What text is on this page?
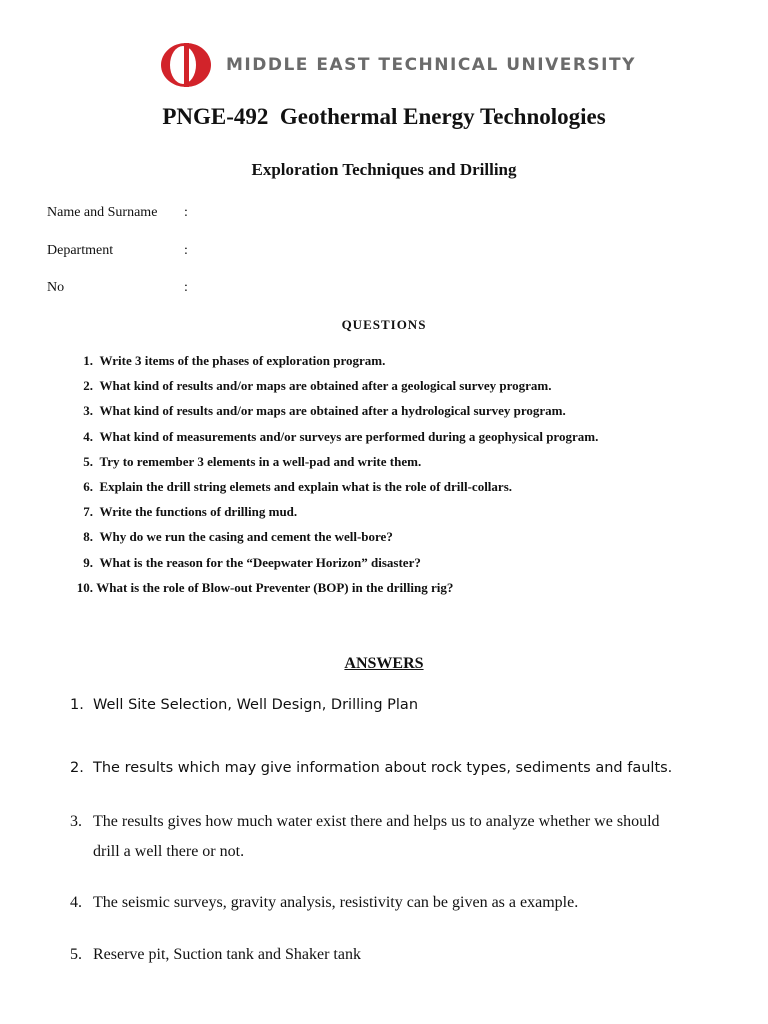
MIDDLE EAST TECHNICAL UNIVERSITY
PNGE-492  Geothermal Energy Technologies
Exploration Techniques and Drilling
Name and Surname :
Department	:
No	:
QUESTIONS
1.
Write 3 items of the phases of exploration program.
2.
What kind of results and/or maps are obtained after a geological survey program.
3.
What kind of results and/or maps are obtained after a hydrological survey program.
4.
What kind of measurements and/or surveys are performed during a geophysical program.
5.
Try to remember 3 elements in a well-pad and write them.
6.
Explain the drill string elemets and explain what is the role of drill-collars.
7.
Write the functions of drilling mud.
8.
Why do we run the casing and cement the well-bore?
9.
What is the reason for the “Deepwater Horizon” disaster?
10.
What is the role of Blow-out Preventer (BOP) in the drilling rig?
ANSWERS
1. Well Site Selection, Well Design, Drilling Plan
2. The results which may give information about rock types, sediments and faults.
3. The results gives how much water exist there and helps us to analyze whether we should drill a well there or not.
4. The seismic surveys, gravity analysis, resistivity can be given as a example.
5. Reserve pit, Suction tank and Shaker tank
